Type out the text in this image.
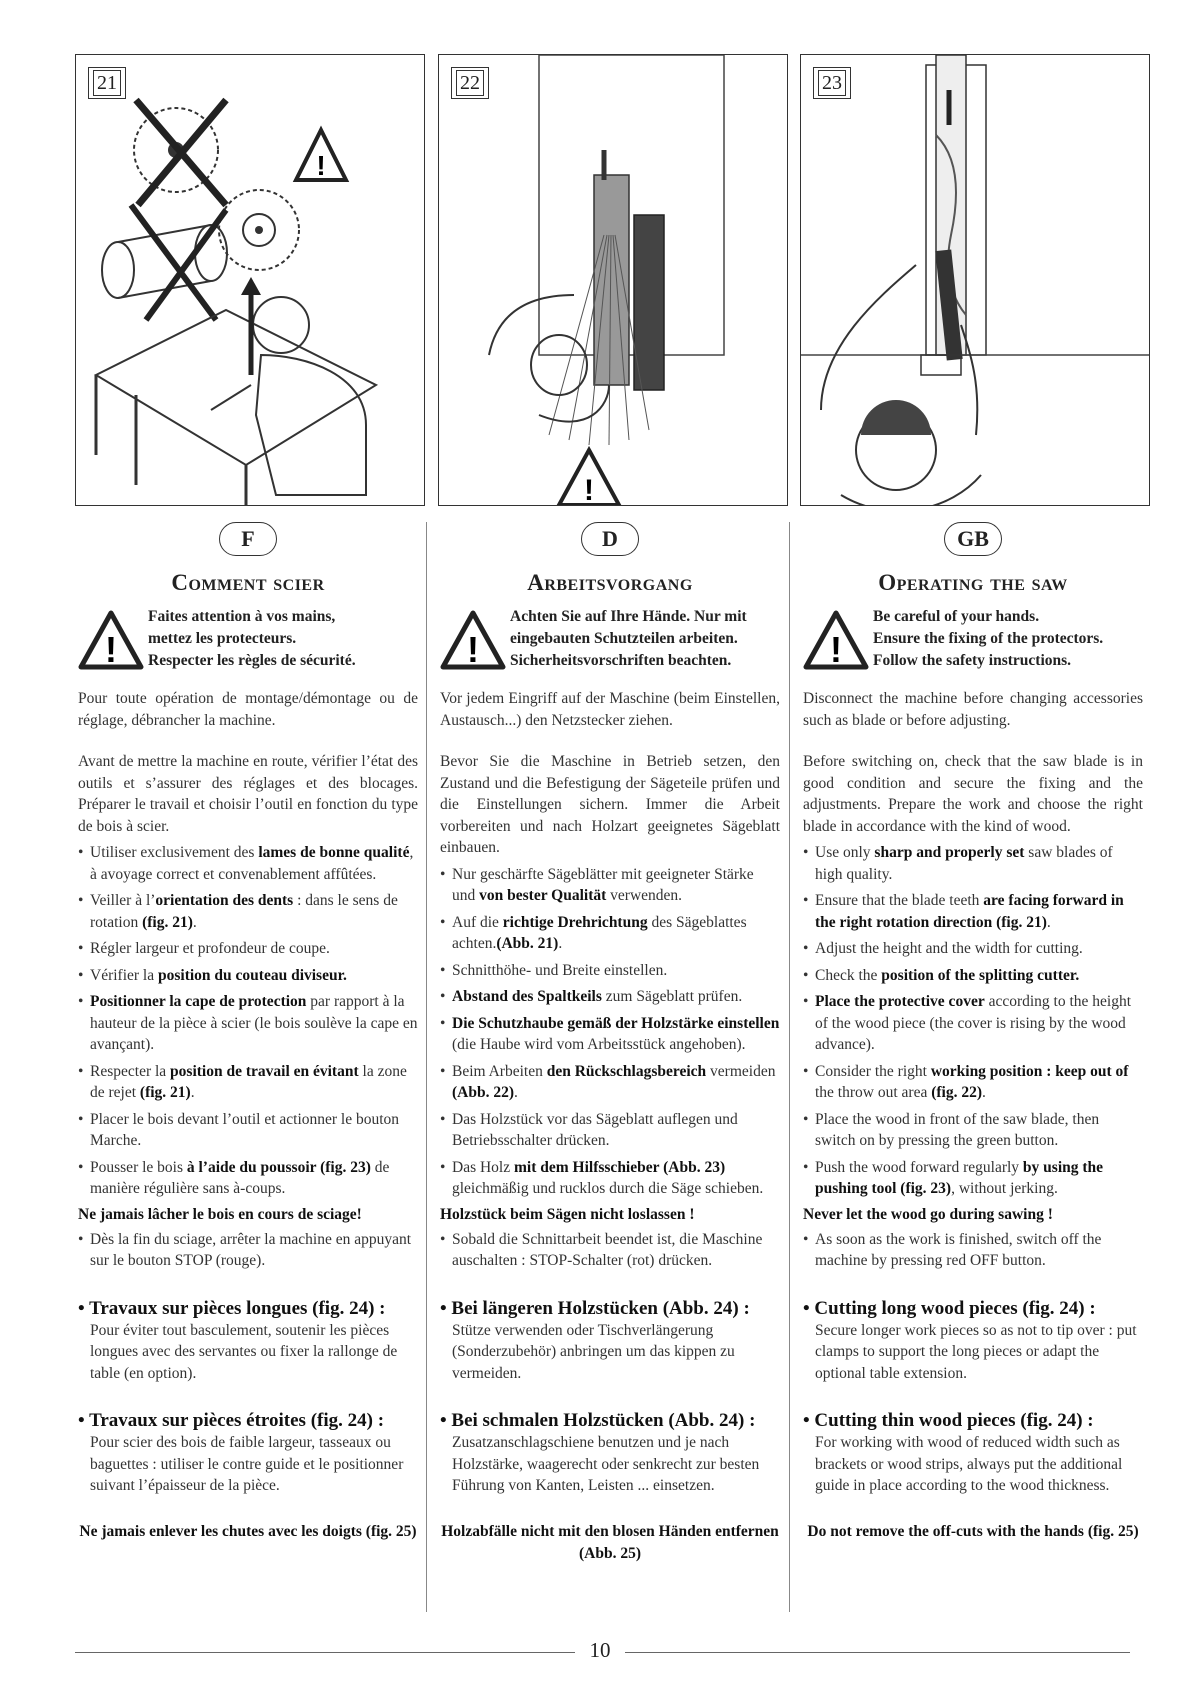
21
!
22
!
23
F
Comment scier
!
Faites attention à vos mains,
mettez les protecteurs.
Respecter les règles de sécurité.

Pour toute opération de montage/démontage ou de réglage, débrancher la machine.

Avant de mettre la machine en route, vérifier l’état des outils et s’assurer des réglages et des blocages. Préparer le travail et choisir l’outil en fonction du type de bois à scier.

• Utiliser exclusivement des lames de bonne qualité, à avoyage correct et convenablement affûtées.
• Veiller à l’orientation des dents : dans le sens de rotation (fig. 21).
• Régler largeur et profondeur de coupe.
• Vérifier la position du couteau diviseur.
• Positionner la cape de protection par rapport à la hauteur de la pièce à scier (le bois soulève la cape en avançant).
• Respecter la position de travail en évitant la zone de rejet (fig. 21).
• Placer le bois devant l’outil et actionner le bouton Marche.
• Pousser le bois à l’aide du poussoir (fig. 23) de manière régulière sans à-coups.
Ne jamais lâcher le bois en cours de sciage!
• Dès la fin du sciage, arrêter la machine en appuyant sur le bouton STOP (rouge).
• Travaux sur pièces longues (fig. 24) :

Pour éviter tout basculement, soutenir les pièces longues avec des servantes ou fixer la rallonge de table (en option).

• Travaux sur pièces étroites (fig. 24) :

Pour scier des bois de faible largeur, tasseaux ou baguettes : utiliser le contre guide et le positionner suivant l’épaisseur de la pièce.

Ne jamais enlever les chutes avec les doigts (fig. 25)
D
Arbeitsvorgang
!
Achten Sie auf Ihre Hände. Nur mit
eingebauten Schutzteilen arbeiten.
Sicherheitsvorschriften beachten.

Vor jedem Eingriff auf der Maschine (beim Einstellen, Austausch...) den Netzstecker ziehen.

Bevor Sie die Maschine in Betrieb setzen, den Zustand und die Befestigung der Sägeteile prüfen und die Einstellungen sichern. Immer die Arbeit vorbereiten und nach Holzart geeignetes Sägeblatt einbauen.

• Nur geschärfte Sägeblätter mit geeigneter Stärke und von bester Qualität verwenden.
• Auf die richtige Drehrichtung des Sägeblattes achten.(Abb. 21).
• Schnitthöhe- und Breite einstellen.
• Abstand des Spaltkeils zum Sägeblatt prüfen.
• Die Schutzhaube gemäß der Holzstärke einstellen (die Haube wird vom Arbeitsstück angehoben).
• Beim Arbeiten den Rückschlagsbereich vermeiden (Abb. 22).
• Das Holzstück vor das Sägeblatt auflegen und Betriebsschalter drücken.
• Das Holz mit dem Hilfsschieber (Abb. 23) gleichmäßig und rucklos durch die Säge schieben.
Holzstück beim Sägen nicht loslassen !
• Sobald die Schnittarbeit beendet ist, die Maschine auschalten : STOP-Schalter (rot) drücken.
• Bei längeren Holzstücken (Abb. 24) :

Stütze verwenden oder Tischverlängerung (Sonderzubehör) anbringen um das kippen zu vermeiden.

• Bei schmalen Holzstücken (Abb. 24) :

Zusatzanschlagschiene benutzen und je nach Holzstärke, waagerecht oder senkrecht zur besten Führung von Kanten, Leisten ... einsetzen.

Holzabfälle nicht mit den blosen Händen entfernen (Abb. 25)
GB
Operating the saw
!
Be careful of your hands.
Ensure the fixing of the protectors.
Follow the safety instructions.

Disconnect the machine before changing accessories such as blade or before adjusting.

Before switching on, check that the saw blade is in good condition and secure the fixing and the adjustments. Prepare the work and choose the right blade in accordance with the kind of wood.

• Use only sharp and properly set saw blades of high quality.
• Ensure that the blade teeth are facing forward in the right rotation direction (fig. 21).
• Adjust the height and the width for cutting.
• Check the position of the splitting cutter.
• Place the protective cover according to the height of the wood piece (the cover is rising by the wood advance).
• Consider the right working position : keep out of the throw out area (fig. 22).
• Place the wood in front of the saw blade, then switch on by pressing the green button.
• Push the wood forward regularly by using the pushing tool (fig. 23), without jerking.
Never let the wood go during sawing !
• As soon as the work is finished, switch off the machine by pressing red OFF button.
• Cutting long wood pieces (fig. 24) :

Secure longer work pieces so as not to tip over : put clamps to support the long pieces or adapt the optional table extension.

• Cutting thin wood pieces (fig. 24) :

For working with wood of reduced width such as brackets or wood strips, always put the additional guide in place according to the wood thickness.

Do not remove the off-cuts with the hands (fig. 25)
10
